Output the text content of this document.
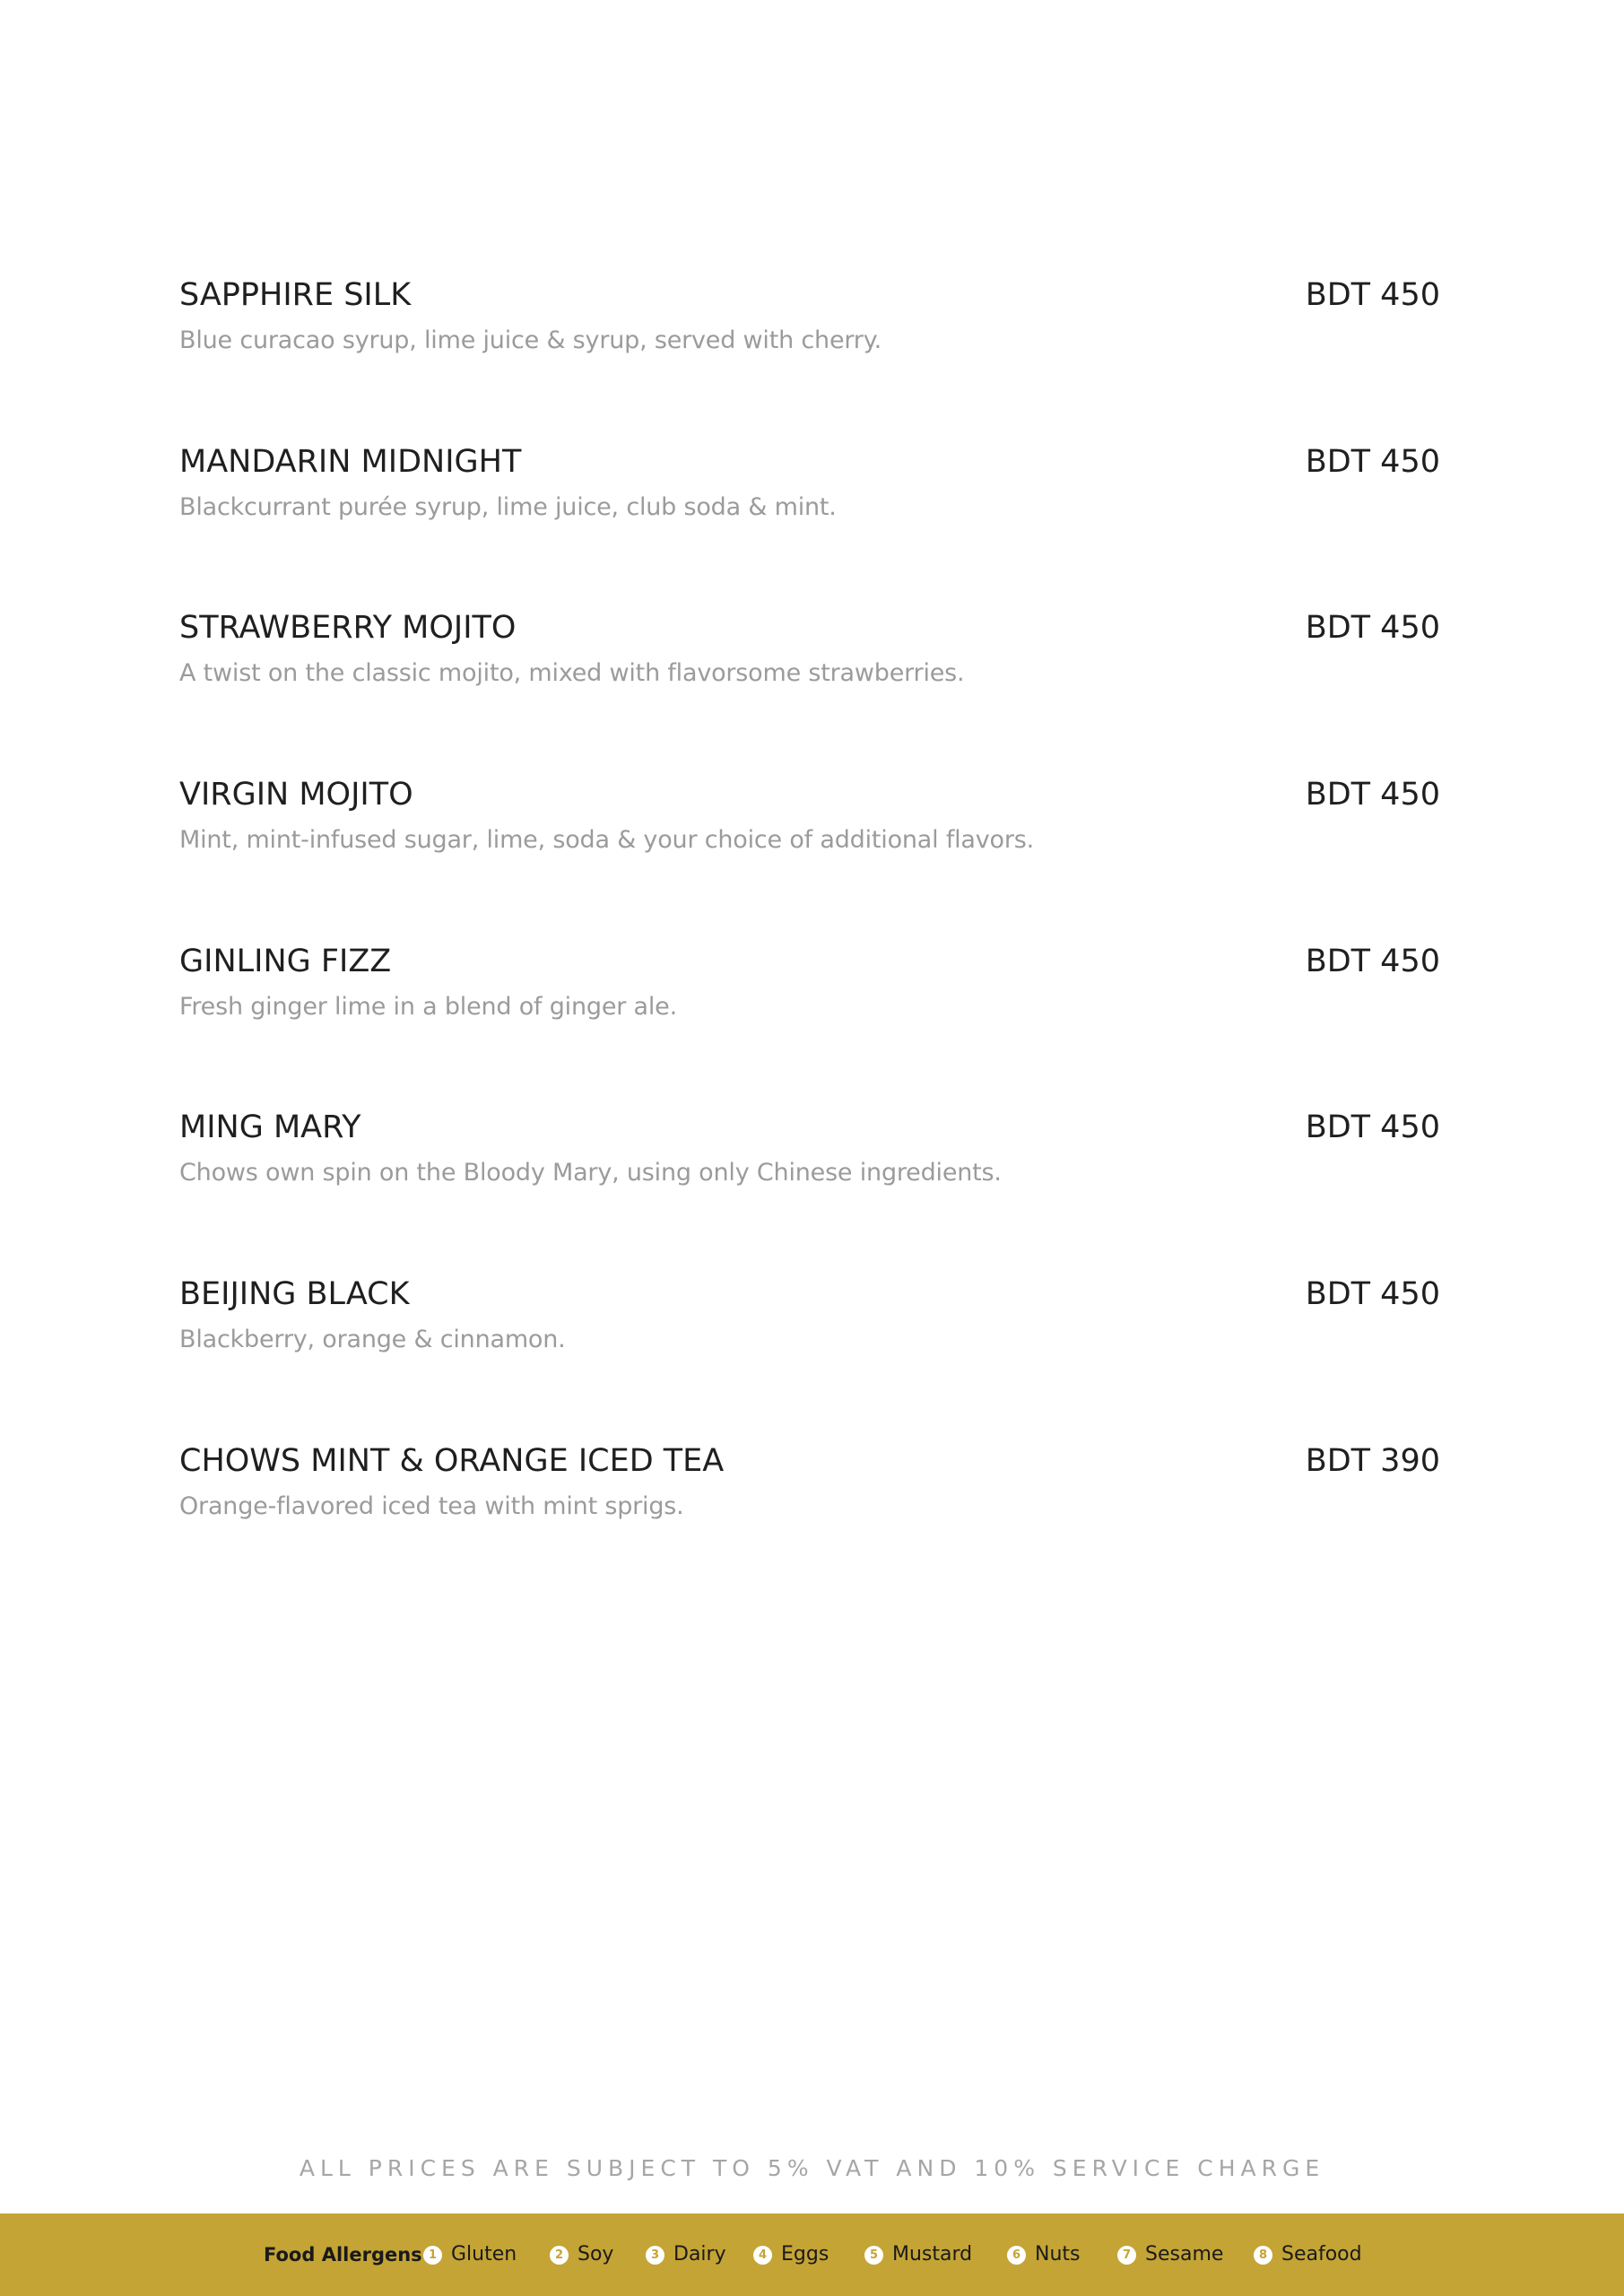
SAPPHIRE SILK	BDT 450
Blue curacao syrup, lime juice & syrup, served with cherry.
MANDARIN MIDNIGHT	BDT 450
Blackcurrant purée syrup, lime juice, club soda & mint.
STRAWBERRY MOJITO	BDT 450
A twist on the classic mojito, mixed with flavorsome strawberries.
VIRGIN MOJITO	BDT 450
Mint, mint-infused sugar, lime, soda & your choice of additional flavors.
GINLING FIZZ	BDT 450
Fresh ginger lime in a blend of ginger ale.
MING MARY	BDT 450
Chows own spin on the Bloody Mary, using only Chinese ingredients.
BEIJING BLACK	BDT 450
Blackberry, orange & cinnamon.
CHOWS MINT & ORANGE ICED TEA	BDT 390
Orange-flavored iced tea with mint sprigs.
ALL PRICES ARE SUBJECT TO 5% VAT AND 10% SERVICE CHARGE
Food Allergens 1 Gluten	2 Soy	3 Dairy	4 Eggs	5 Mustard	6 Nuts	7 Sesame	8 Seafood
